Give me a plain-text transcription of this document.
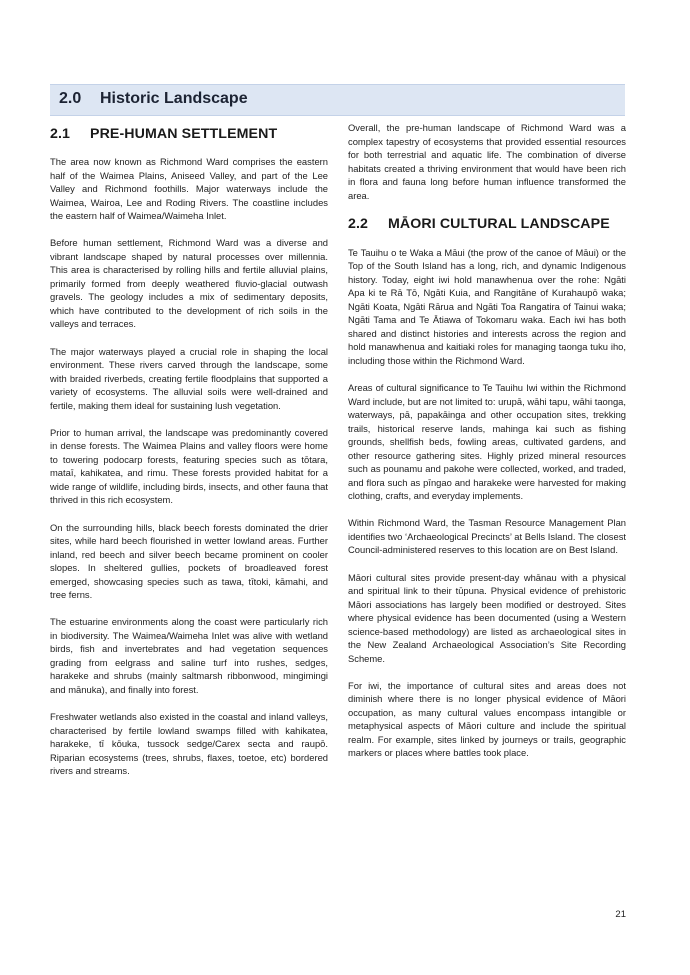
2.0 Historic Landscape
2.1	PRE-HUMAN SETTLEMENT

The area now known as Richmond Ward comprises the eastern half of the Waimea Plains, Aniseed Valley, and part of the Lee Valley and Richmond foothills. Major waterways include the Waimea, Wairoa, Lee and Roding Rivers. The coastline includes the eastern half of Waimea/Waimeha Inlet.

Before human settlement, Richmond Ward was a diverse and vibrant landscape shaped by natural processes over millennia. This area is characterised by rolling hills and fertile alluvial plains, primarily formed from deeply weathered fluvio-glacial outwash gravels. The geology includes a mix of sedimentary deposits, which have contributed to the development of rich soils in the valleys and terraces.

The major waterways played a crucial role in shaping the local environment. These rivers carved through the landscape, some with braided riverbeds, creating fertile floodplains that supported a variety of ecosystems. The alluvial soils were well-drained and fertile, making them ideal for sustaining lush vegetation.

Prior to human arrival, the landscape was predominantly covered in dense forests. The Waimea Plains and valley floors were home to towering podocarp forests, featuring species such as tōtara, mataī, kahikatea, and rimu. These forests provided habitat for a wide range of wildlife, including birds, insects, and other fauna that thrived in this rich ecosystem.

On the surrounding hills, black beech forests dominated the drier sites, while hard beech flourished in wetter lowland areas. Further inland, red beech and silver beech became prominent on cooler slopes. In sheltered gullies, pockets of broadleaved forest emerged, showcasing species such as tawa, tītoki, kāmahi, and tree ferns.

The estuarine environments along the coast were particularly rich in biodiversity. The Waimea/Waimeha Inlet was alive with wetland birds, fish and invertebrates and had vegetation sequences grading from eelgrass and saline turf into rushes, sedges, harakeke and shrubs (mainly saltmarsh ribbonwood, mingimingi and mānuka), and finally into forest.

Freshwater wetlands also existed in the coastal and inland valleys, characterised by fertile lowland swamps filled with kahikatea, harakeke, tī kōuka, tussock sedge/Carex secta and raupō. Riparian ecosystems (trees, shrubs, flaxes, toetoe, etc) bordered rivers and streams.

Overall, the pre-human landscape of Richmond Ward was a complex tapestry of ecosystems that provided essential resources for both terrestrial and aquatic life. The combination of diverse habitats created a thriving environment that would have been rich in flora and fauna long before human influence transformed the area.

2.2	MĀORI CULTURAL LANDSCAPE

Te Tauihu o te Waka a Māui (the prow of the canoe of Māui) or the Top of the South Island has a long, rich, and dynamic Indigenous history. Today, eight iwi hold manawhenua over the rohe: Ngāti Apa ki te Rā Tō, Ngāti Kuia, and Rangitāne of Kurahaupō waka; Ngāti Koata, Ngāti Rārua and Ngāti Toa Rangatira of Tainui waka; Ngāti Tama and Te Ātiawa of Tokomaru waka. Each iwi has both shared and distinct histories and interests across the region and hold manawhenua and kaitiaki roles for managing taonga tuku iho, including those within the Richmond Ward.

Areas of cultural significance to Te Tauihu Iwi within the Richmond Ward include, but are not limited to: urupā, wāhi tapu, wāhi taonga, waterways, pā, papakāinga and other occupation sites, trekking trails, historical reserve lands, mahinga kai such as fishing grounds, shellfish beds, fowling areas, cultivated gardens, and other resource gathering sites. Highly prized mineral resources such as pounamu and pakohe were collected, worked, and traded, and flora such as pīngao and harakeke were harvested for making clothing, crafts, and everyday implements.

Within Richmond Ward, the Tasman Resource Management Plan identifies two ‘Archaeological Precincts’ at Bells Island. The closest Council-administered reserves to this location are on Best Island.

Māori cultural sites provide present-day whānau with a physical and spiritual link to their tūpuna. Physical evidence of prehistoric Māori associations has largely been modified or destroyed. Sites where physical evidence has been documented (using a Western science-based methodology) are listed as archaeological sites in the New Zealand Archaeological Association’s Site Recording Scheme.

For iwi, the importance of cultural sites and areas does not diminish where there is no longer physical evidence of Māori occupation, as many cultural values encompass intangible or metaphysical aspects of Māori culture and include the spiritual realm. For example, sites linked by journeys or trails, geographic markers or places where battles took place.

21
